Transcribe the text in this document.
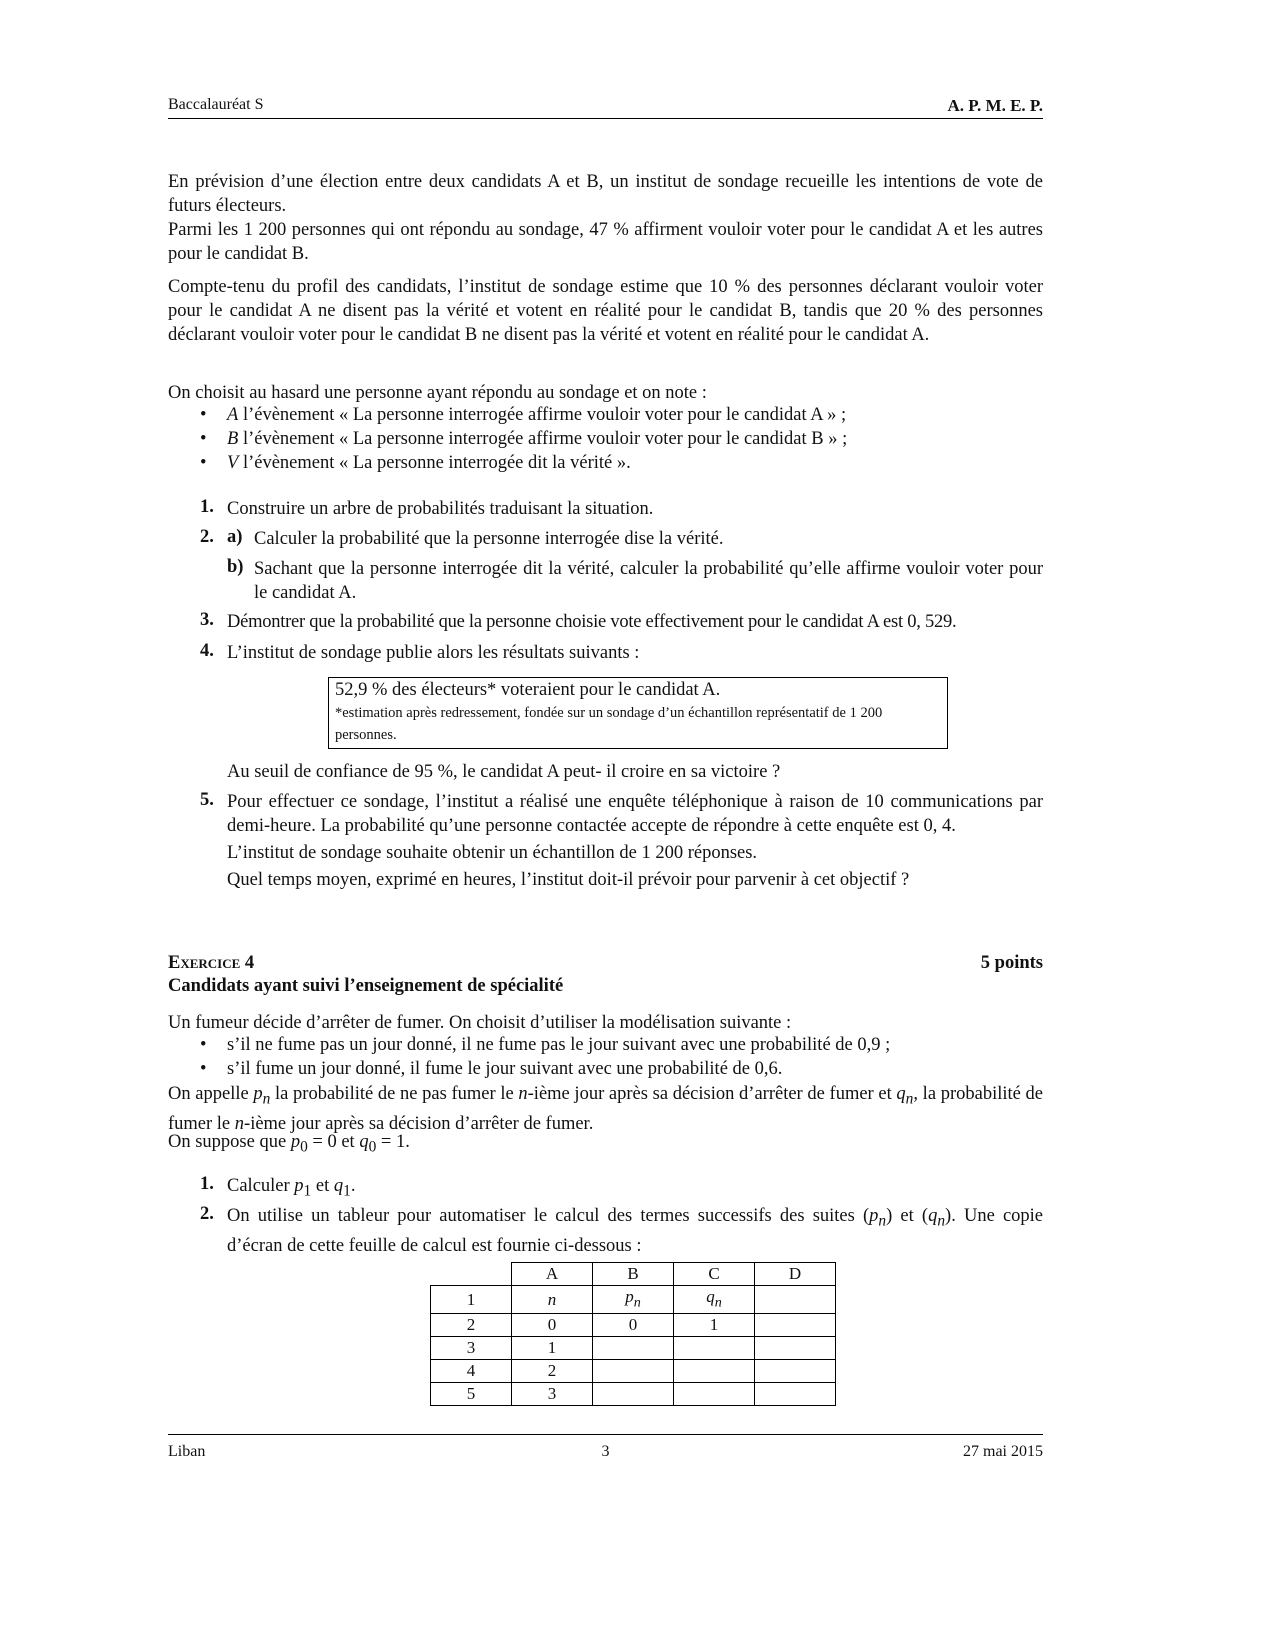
Baccalauréat S	A. P. M. E. P.

En prévision d’une élection entre deux candidats A et B, un institut de sondage recueille les intentions de vote de futurs électeurs.

Parmi les 1 200 personnes qui ont répondu au sondage, 47 % affirment vouloir voter pour le candidat A et les autres pour le candidat B.

Compte-tenu du profil des candidats, l’institut de sondage estime que 10 % des personnes déclarant vouloir voter pour le candidat A ne disent pas la vérité et votent en réalité pour le candidat B, tandis que 20 % des personnes déclarant vouloir voter pour le candidat B ne disent pas la vérité et votent en réalité pour le candidat A.

On choisit au hasard une personne ayant répondu au sondage et on note :

• A l’évènement « La personne interrogée affirme vouloir voter pour le candidat A » ;
• B l’évènement « La personne interrogée affirme vouloir voter pour le candidat B » ;
• V l’évènement « La personne interrogée dit la vérité ».
1. Construire un arbre de probabilités traduisant la situation.

2. a) Calculer la probabilité que la personne interrogée dise la vérité.

b) Sachant que la personne interrogée dit la vérité, calculer la probabilité qu’elle affirme vouloir voter pour le candidat A.

3. Démontrer que la probabilité que la personne choisie vote effectivement pour le candidat A est 0, 529.

4. L’institut de sondage publie alors les résultats suivants :

52,9 % des électeurs* voteraient pour le candidat A.
*estimation après redressement, fondée sur un sondage d’un échantillon représentatif de 1 200 personnes.

Au seuil de confiance de 95 %, le candidat A peut- il croire en sa victoire ?

5. Pour effectuer ce sondage, l’institut a réalisé une enquête téléphonique à raison de 10 communications par demi-heure. La probabilité qu’une personne contactée accepte de répondre à cette enquête est 0, 4.

L’institut de sondage souhaite obtenir un échantillon de 1 200 réponses.

Quel temps moyen, exprimé en heures, l’institut doit-il prévoir pour parvenir à cet objectif ?

Exercice 4	5 points
Candidats ayant suivi l’enseignement de spécialité

Un fumeur décide d’arrêter de fumer. On choisit d’utiliser la modélisation suivante :

• s’il ne fume pas un jour donné, il ne fume pas le jour suivant avec une probabilité de 0,9 ;
• s’il fume un jour donné, il fume le jour suivant avec une probabilité de 0,6.

On appelle $p_n$ la probabilité de ne pas fumer le n-ième jour après sa décision d’arrêter de fumer et $q_n$, la probabilité de fumer le n-ième jour après sa décision d’arrêter de fumer.

On suppose que $p_0 = 0$ et $q_0 = 1$.

1. Calculer $p_1$ et $q_1$.

2. On utilise un tableur pour automatiser le calcul des termes successifs des suites $(p_n)$ et $(q_n)$. Une copie d’écran de cette feuille de calcul est fournie ci-dessous :

	A	B	C	D
1	n	$p_n$	$q_n$	
2	0	0	1	
3	1			
4	2			
5	3			
Liban	3	27 mai 2015
